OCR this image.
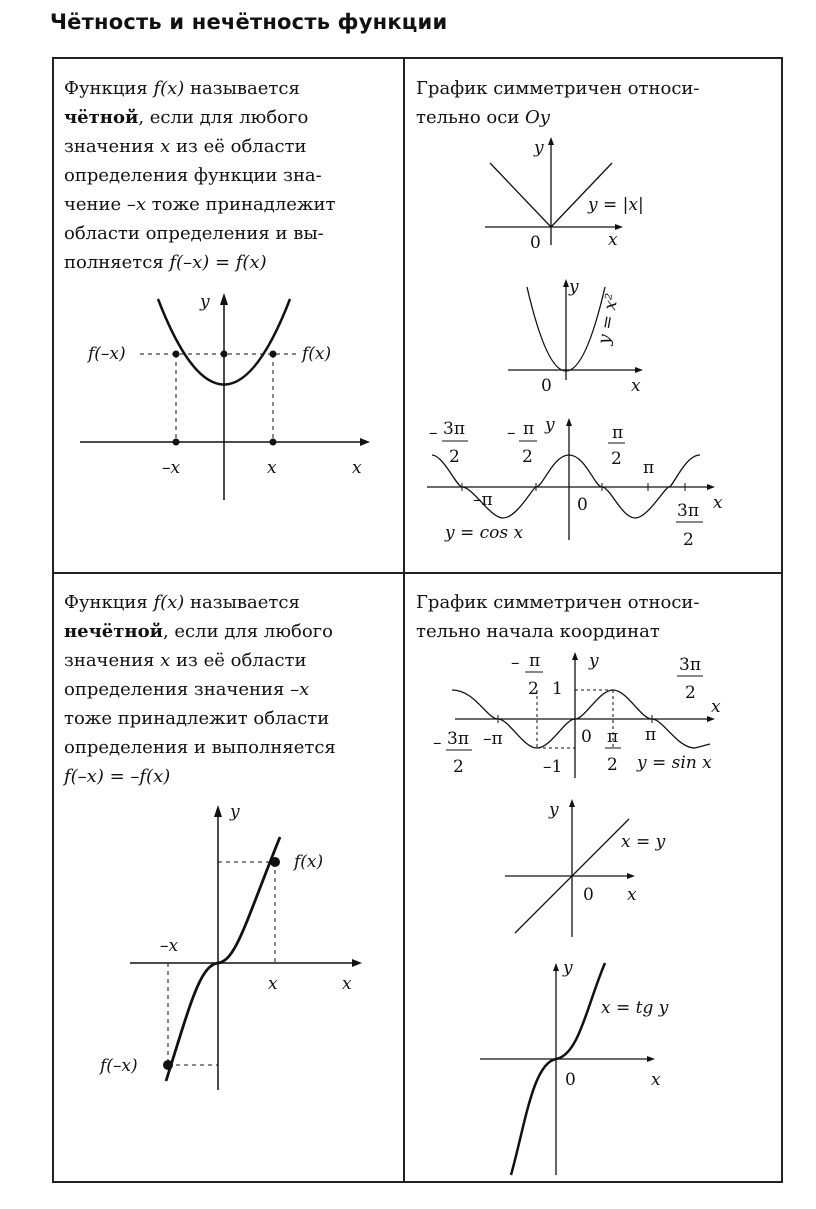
Чётность и нечётность функции
Функция f(x) называется
чётной, если для любого
значения x из её области
определения функции зна-
чение –x тоже принадлежит
области определения и вы-
полняется f(–x) = f(x)
y
x
f(–x)	f(x)
–x	x
График симметричен относи-
тельно оси Oy
y
y = |x|
0	x
y
y = x²
0	x
– 3π
2
– π
2
y	π
2 π
–π	0	x
3π
2
y = cos x
Функция f(x) называется
нечётной, если для любого
значения x из её области
определения значения –x
тоже принадлежит области
определения и выполняется
f(–x) = –f(x)
y
f(x)
–x
x	x
f(–x)
График симметричен относи-
тельно начала координат
– π
2
y
1
3π
2
x
–π	0 π
2
π
– 3π
2	–1	y = sin x
y
x = y
0 x
y
x = tg y
0	x
